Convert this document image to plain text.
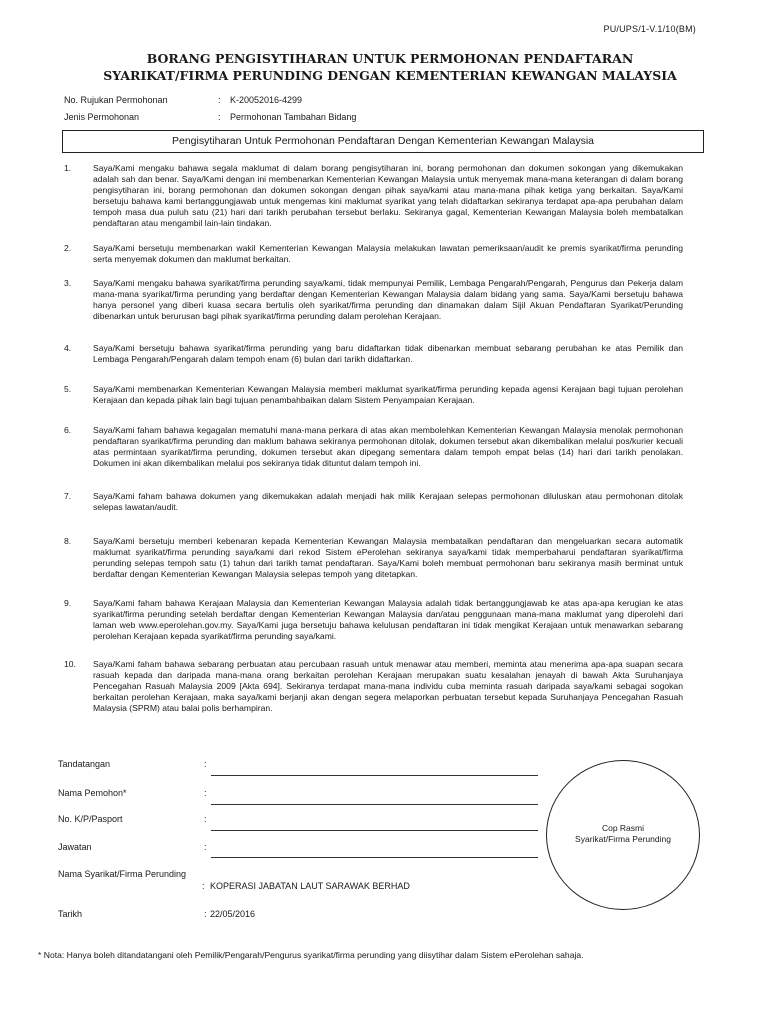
PU/UPS/1-V.1/10(BM)
BORANG PENGISYTIHARAN UNTUK PERMOHONAN PENDAFTARAN
SYARIKAT/FIRMA PERUNDING DENGAN KEMENTERIAN KEWANGAN MALAYSIA
No. Rujukan Permohonan	: K-20052016-4299
Jenis Permohonan	: Permohonan Tambahan Bidang
Pengisytiharan Untuk Permohonan Pendaftaran Dengan Kementerian Kewangan Malaysia
1.	Saya/Kami mengaku bahawa segala maklumat di dalam borang pengisytiharan ini, borang permohonan dan dokumen sokongan yang dikemukakan adalah sah dan benar. Saya/Kami dengan ini membenarkan Kementerian Kewangan Malaysia untuk menyemak mana-mana keterangan di dalam borang pengisytiharan ini, borang permohonan dan dokumen sokongan dengan pihak saya/kami atau mana-mana pihak ketiga yang berkaitan. Saya/Kami bersetuju bahawa kami bertanggungjawab untuk mengemas kini maklumat syarikat yang telah didaftarkan sekiranya terdapat apa-apa perubahan dalam tempoh masa dua puluh satu (21) hari dari tarikh perubahan tersebut berlaku. Sekiranya gagal, Kementerian Kewangan Malaysia boleh membatalkan pendaftaran atau mengambil lain-lain tindakan.
2.	Saya/Kami bersetuju membenarkan wakil Kementerian Kewangan Malaysia melakukan lawatan pemeriksaan/audit ke premis syarikat/firma perunding serta menyemak dokumen dan maklumat berkaitan.
3.	Saya/Kami mengaku bahawa syarikat/firma perunding saya/kami, tidak mempunyai Pemilik, Lembaga Pengarah/Pengarah, Pengurus dan Pekerja dalam mana-mana syarikat/firma perunding yang berdaftar dengan Kementerian Kewangan Malaysia dalam bidang yang sama. Saya/Kami bersetuju bahawa hanya personel yang diberi kuasa secara bertulis oleh syarikat/firma perunding dan dinamakan dalam Sijil Akuan Pendaftaran Syarikat/Perunding dibenarkan untuk berurusan bagi pihak syarikat/firma perunding dalam perolehan Kerajaan.
4.	Saya/Kami bersetuju bahawa syarikat/firma perunding yang baru didaftarkan tidak dibenarkan membuat sebarang perubahan ke atas Pemilik dan Lembaga Pengarah/Pengarah dalam tempoh enam (6) bulan dari tarikh didaftarkan.
5.	Saya/Kami membenarkan Kementerian Kewangan Malaysia memberi maklumat syarikat/firma perunding kepada agensi Kerajaan bagi tujuan perolehan Kerajaan dan kepada pihak lain bagi tujuan penambahbaikan dalam Sistem Penyampaian Kerajaan.
6.	Saya/Kami faham bahawa kegagalan mematuhi mana-mana perkara di atas akan membolehkan Kementerian Kewangan Malaysia menolak permohonan pendaftaran syarikat/firma perunding dan maklum bahawa sekiranya permohonan ditolak, dokumen tersebut akan dikembalikan melalui pos/kurier kecuali atas permintaan syarikat/firma perunding, dokumen tersebut akan dipegang sementara dalam tempoh empat belas (14) hari dari tarikh penolakan. Dokumen ini akan dikembalikan melalui pos sekiranya tidak dituntut dalam tempoh ini.
7.	Saya/Kami faham bahawa dokumen yang dikemukakan adalah menjadi hak milik Kerajaan selepas permohonan diluluskan atau permohonan ditolak selepas lawatan/audit.
8.	Saya/Kami bersetuju memberi kebenaran kepada Kementerian Kewangan Malaysia membatalkan pendaftaran dan mengeluarkan secara automatik maklumat syarikat/firma perunding saya/kami dari rekod Sistem ePerolehan sekiranya saya/kami tidak memperbaharui pendaftaran syarikat/firma perunding selepas tempoh satu (1) tahun dari tarikh tamat pendaftaran. Saya/Kami boleh membuat permohonan baru sekiranya masih berminat untuk berdaftar dengan Kementerian Kewangan Malaysia selepas tempoh yang ditetapkan.
9.	Saya/Kami faham bahawa Kerajaan Malaysia dan Kementerian Kewangan Malaysia adalah tidak bertanggungjawab ke atas apa-apa kerugian ke atas syarikat/firma perunding setelah berdaftar dengan Kementerian Kewangan Malaysia dan/atau penggunaan mana-mana maklumat yang diperolehi dari laman web www.eperolehan.gov.my. Saya/Kami juga bersetuju bahawa kelulusan pendaftaran ini tidak mengikat Kerajaan untuk menawarkan sebarang perolehan Kerajaan kepada syarikat/firma perunding saya/kami.
10. Saya/Kami faham bahawa sebarang perbuatan atau percubaan rasuah untuk menawar atau memberi, meminta atau menerima apa-apa suapan secara rasuah kepada dan daripada mana-mana orang berkaitan perolehan Kerajaan merupakan suatu kesalahan jenayah di bawah Akta Suruhanjaya Pencegahan Rasuah Malaysia 2009 [Akta 694]. Sekiranya terdapat mana-mana individu cuba meminta rasuah daripada saya/kami sebagai sogokan berkaitan perolehan Kerajaan, maka saya/kami berjanji akan dengan segera melaporkan perbuatan tersebut kepada Suruhanjaya Pencegahan Rasuah Malaysia (SPRM) atau balai polis berhampiran.
Tandatangan	:
Nama Pemohon*	:
No. K/P/Pasport	:
Jawatan	:
Nama Syarikat/Firma Perunding
: KOPERASI JABATAN LAUT SARAWAK BERHAD
Tarikh	: 22/05/2016
Cop Rasmi
Syarikat/Firma Perunding
* Nota: Hanya boleh ditandatangani oleh Pemilik/Pengarah/Pengurus syarikat/firma perunding yang diisytihar dalam Sistem ePerolehan sahaja.
